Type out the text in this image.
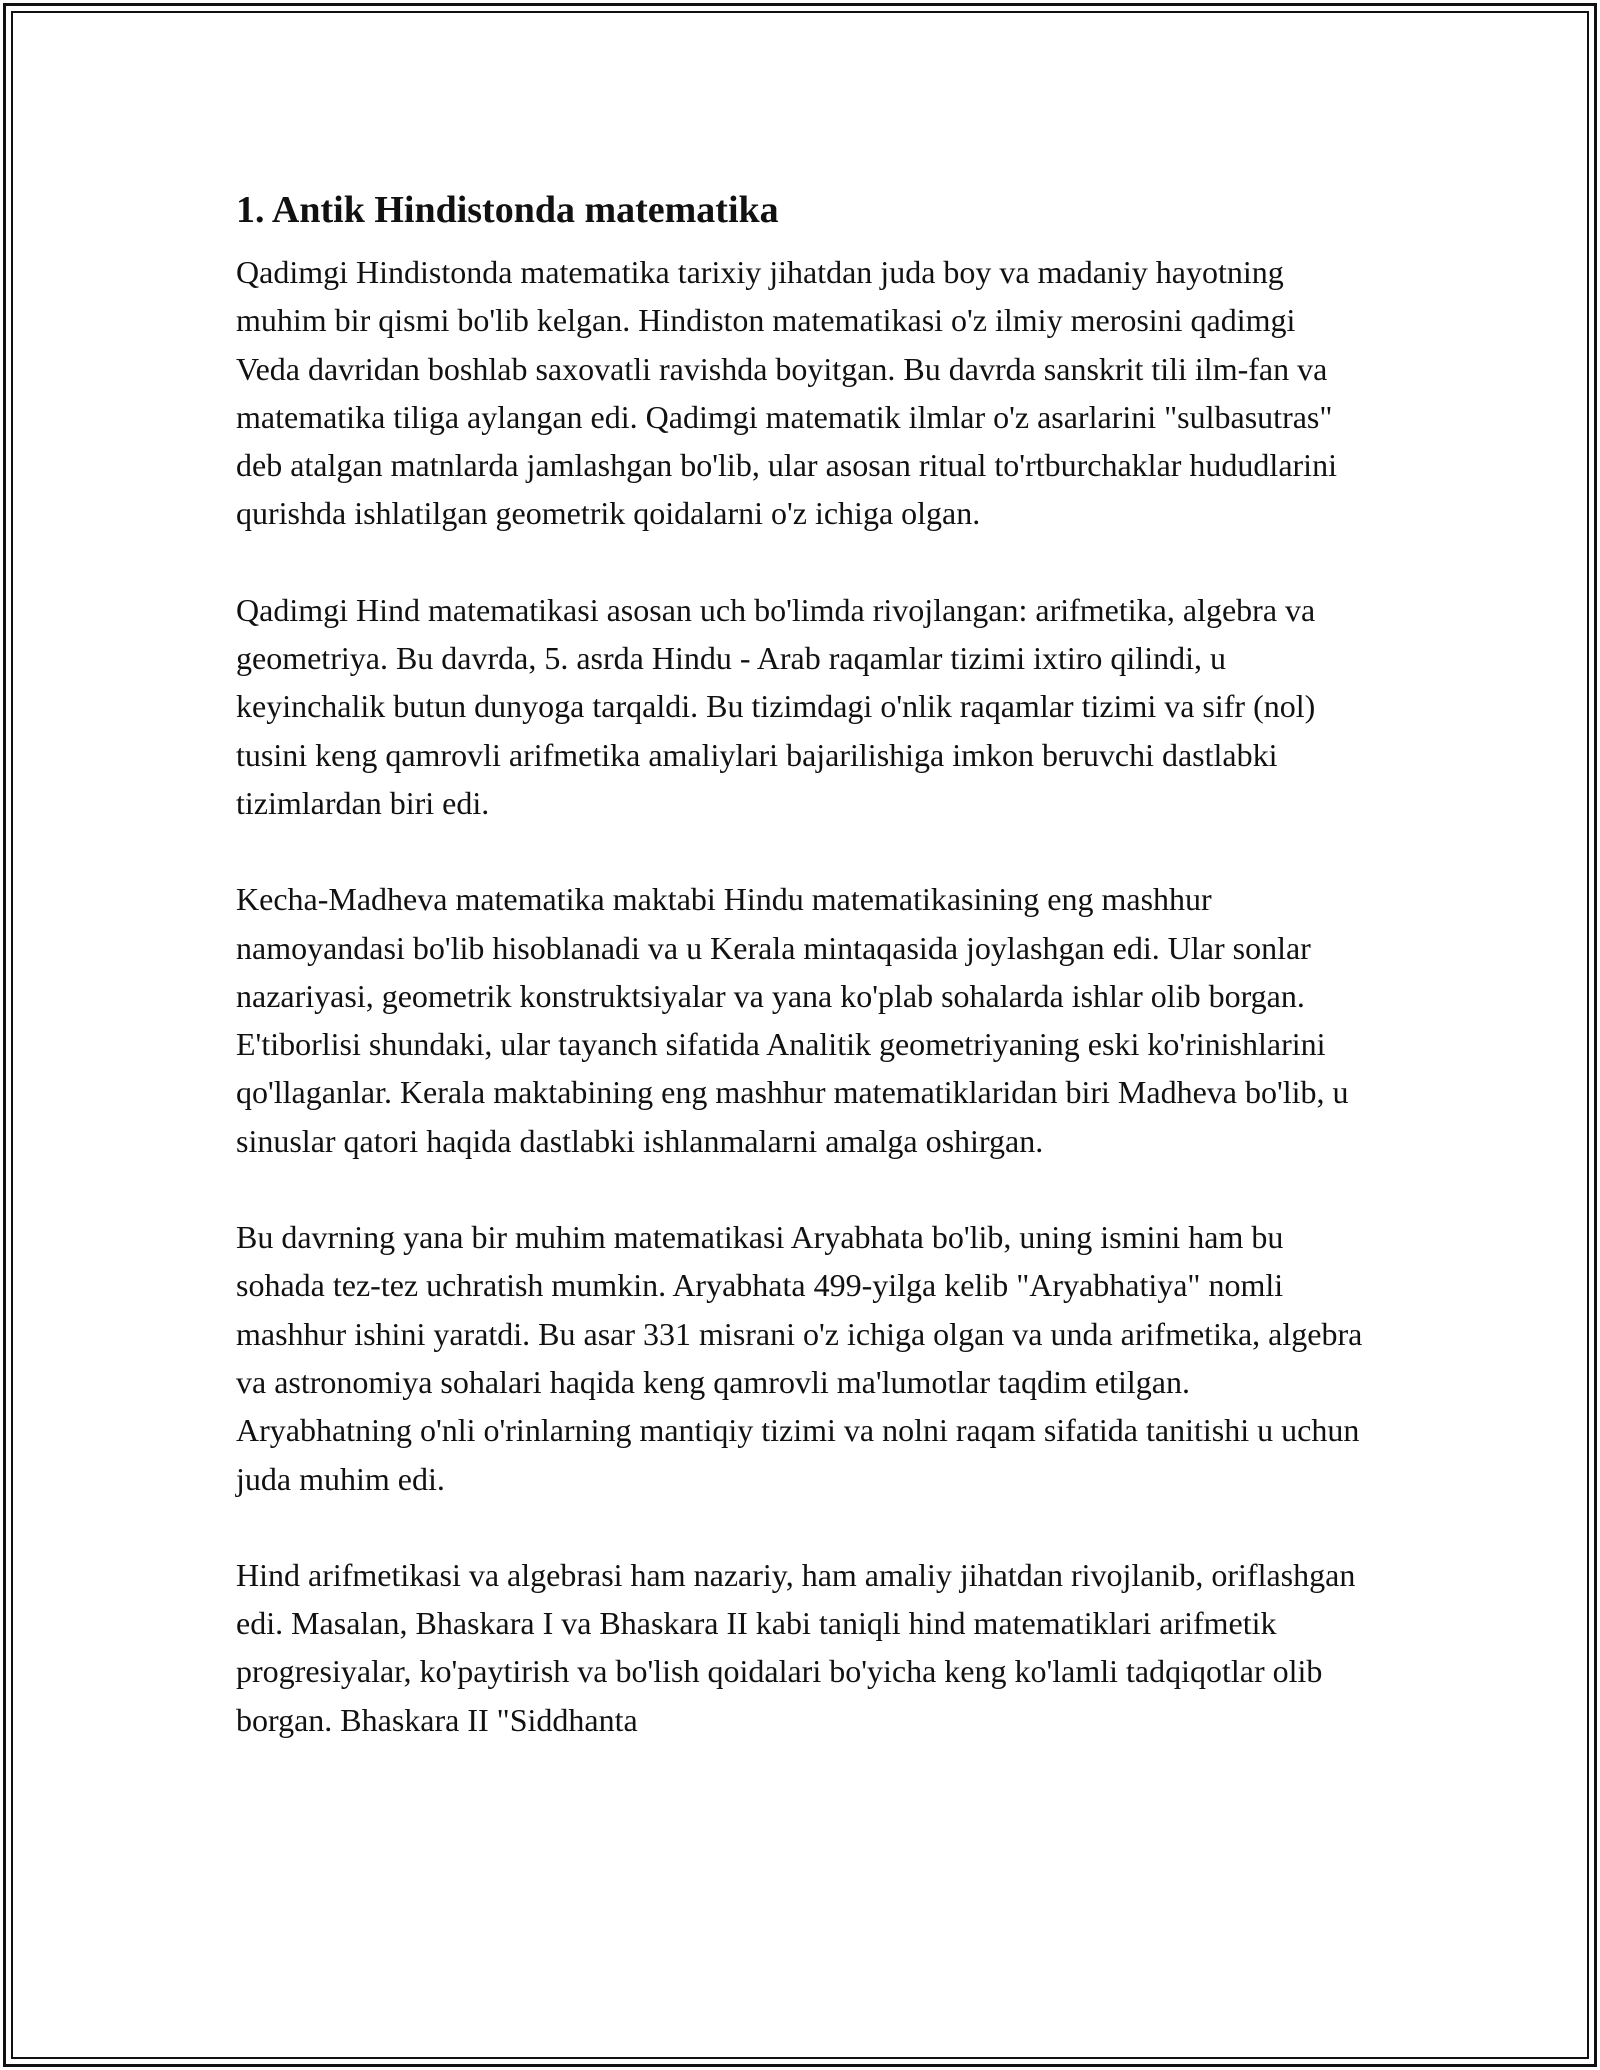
1. Antik Hindistonda matematika

Qadimgi Hindistonda matematika tarixiy jihatdan juda boy va madaniy hayotning muhim bir qismi bo'lib kelgan. Hindiston matematikasi o'z ilmiy merosini qadimgi Veda davridan boshlab saxovatli ravishda boyitgan. Bu davrda sanskrit tili ilm-fan va matematika tiliga aylangan edi. Qadimgi matematik ilmlar o'z asarlarini "sulbasutras" deb atalgan matnlarda jamlashgan bo'lib, ular asosan ritual to'rtburchaklar hududlarini qurishda ishlatilgan geometrik qoidalarni o'z ichiga olgan.

Qadimgi Hind matematikasi asosan uch bo'limda rivojlangan: arifmetika, algebra va geometriya. Bu davrda, 5. asrda Hindu - Arab raqamlar tizimi ixtiro qilindi, u keyinchalik butun dunyoga tarqaldi. Bu tizimdagi o'nlik raqamlar tizimi va sifr (nol) tusini keng qamrovli arifmetika amaliylari bajarilishiga imkon beruvchi dastlabki tizimlardan biri edi.

Kecha-Madheva matematika maktabi Hindu matematikasining eng mashhur namoyandasi bo'lib hisoblanadi va u Kerala mintaqasida joylashgan edi. Ular sonlar nazariyasi, geometrik konstruktsiyalar va yana ko'plab sohalarda ishlar olib borgan. E'tiborlisi shundaki, ular tayanch sifatida Analitik geometriyaning eski ko'rinishlarini qo'llaganlar. Kerala maktabining eng mashhur matematiklaridan biri Madheva bo'lib, u sinuslar qatori haqida dastlabki ishlanmalarni amalga oshirgan.

Bu davrning yana bir muhim matematikasi Aryabhata bo'lib, uning ismini ham bu sohada tez-tez uchratish mumkin. Aryabhata 499-yilga kelib "Aryabhatiya" nomli mashhur ishini yaratdi. Bu asar 331 misrani o'z ichiga olgan va unda arifmetika, algebra va astronomiya sohalari haqida keng qamrovli ma'lumotlar taqdim etilgan. Aryabhatning o'nli o'rinlarning mantiqiy tizimi va nolni raqam sifatida tanitishi u uchun juda muhim edi.

Hind arifmetikasi va algebrasi ham nazariy, ham amaliy jihatdan rivojlanib, oriflashgan edi. Masalan, Bhaskara I va Bhaskara II kabi taniqli hind matematiklari arifmetik progresiyalar, ko'paytirish va bo'lish qoidalari bo'yicha keng ko'lamli tadqiqotlar olib borgan. Bhaskara II "Siddhanta
